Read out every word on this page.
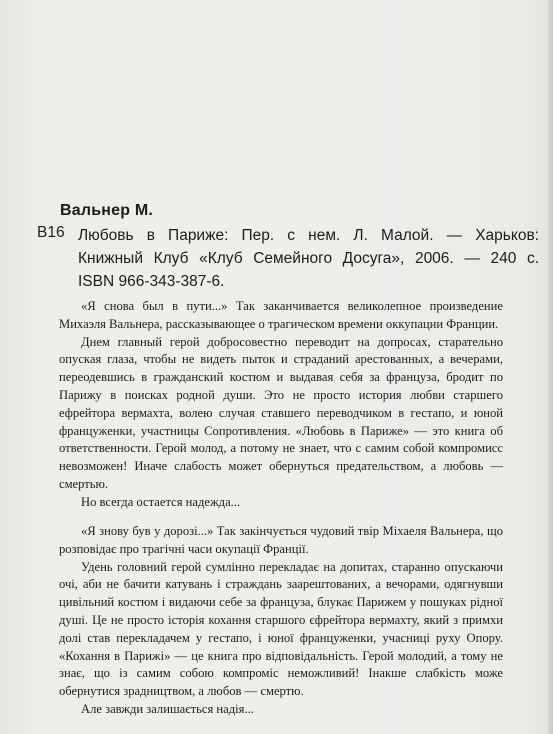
Вальнер М.
В16 Любовь в Париже: Пер. с нем. Л. Малой. — Харьков:
Книжный Клуб «Клуб Семейного Досуга», 2006. — 240 с.
ISBN 966-343-387-6.

«Я снова был в пути...» Так заканчивается великолепное произведение Михаэля Вальнера, рассказывающее о трагическом времени оккупации Франции.

Днем главный герой добросовестно переводит на допросах, старательно опуская глаза, чтобы не видеть пыток и страданий арестованных, а вечерами, переодевшись в гражданский костюм и выдавая себя за француза, бродит по Парижу в поисках родной души. Это не просто история любви старшего ефрейтора вермахта, волею случая ставшего переводчиком в гестапо, и юной француженки, участницы Сопротивления. «Любовь в Париже» — это книга об ответственности. Герой молод, а потому не знает, что с самим собой компромисс невозможен! Иначе слабость может обернуться предательством, а любовь — смертью.

Но всегда остается надежда...

«Я знову був у дорозі...» Так закінчується чудовий твір Міхаеля Вальнера, що розповідає про трагічні часи окупації Франції.

Удень головний герой сумлінно перекладає на допитах, старанно опускаючи очі, аби не бачити катувань і страждань заарештованих, а вечорами, одягнувши цивільний костюм і видаючи себе за француза, блукає Парижем у пошуках рідної душі. Це не просто історія кохання старшого єфрейтора вермахту, який з примхи долі став перекладачем у гестапо, і юної француженки, учасниці руху Опору. «Кохання в Парижі» — це книга про відповідальність. Герой молодий, а тому не знає, що із самим собою компроміс неможливий! Інакше слабкість може обернутися зрадництвом, а любов — смертю.

Але завжди залишається надія...
